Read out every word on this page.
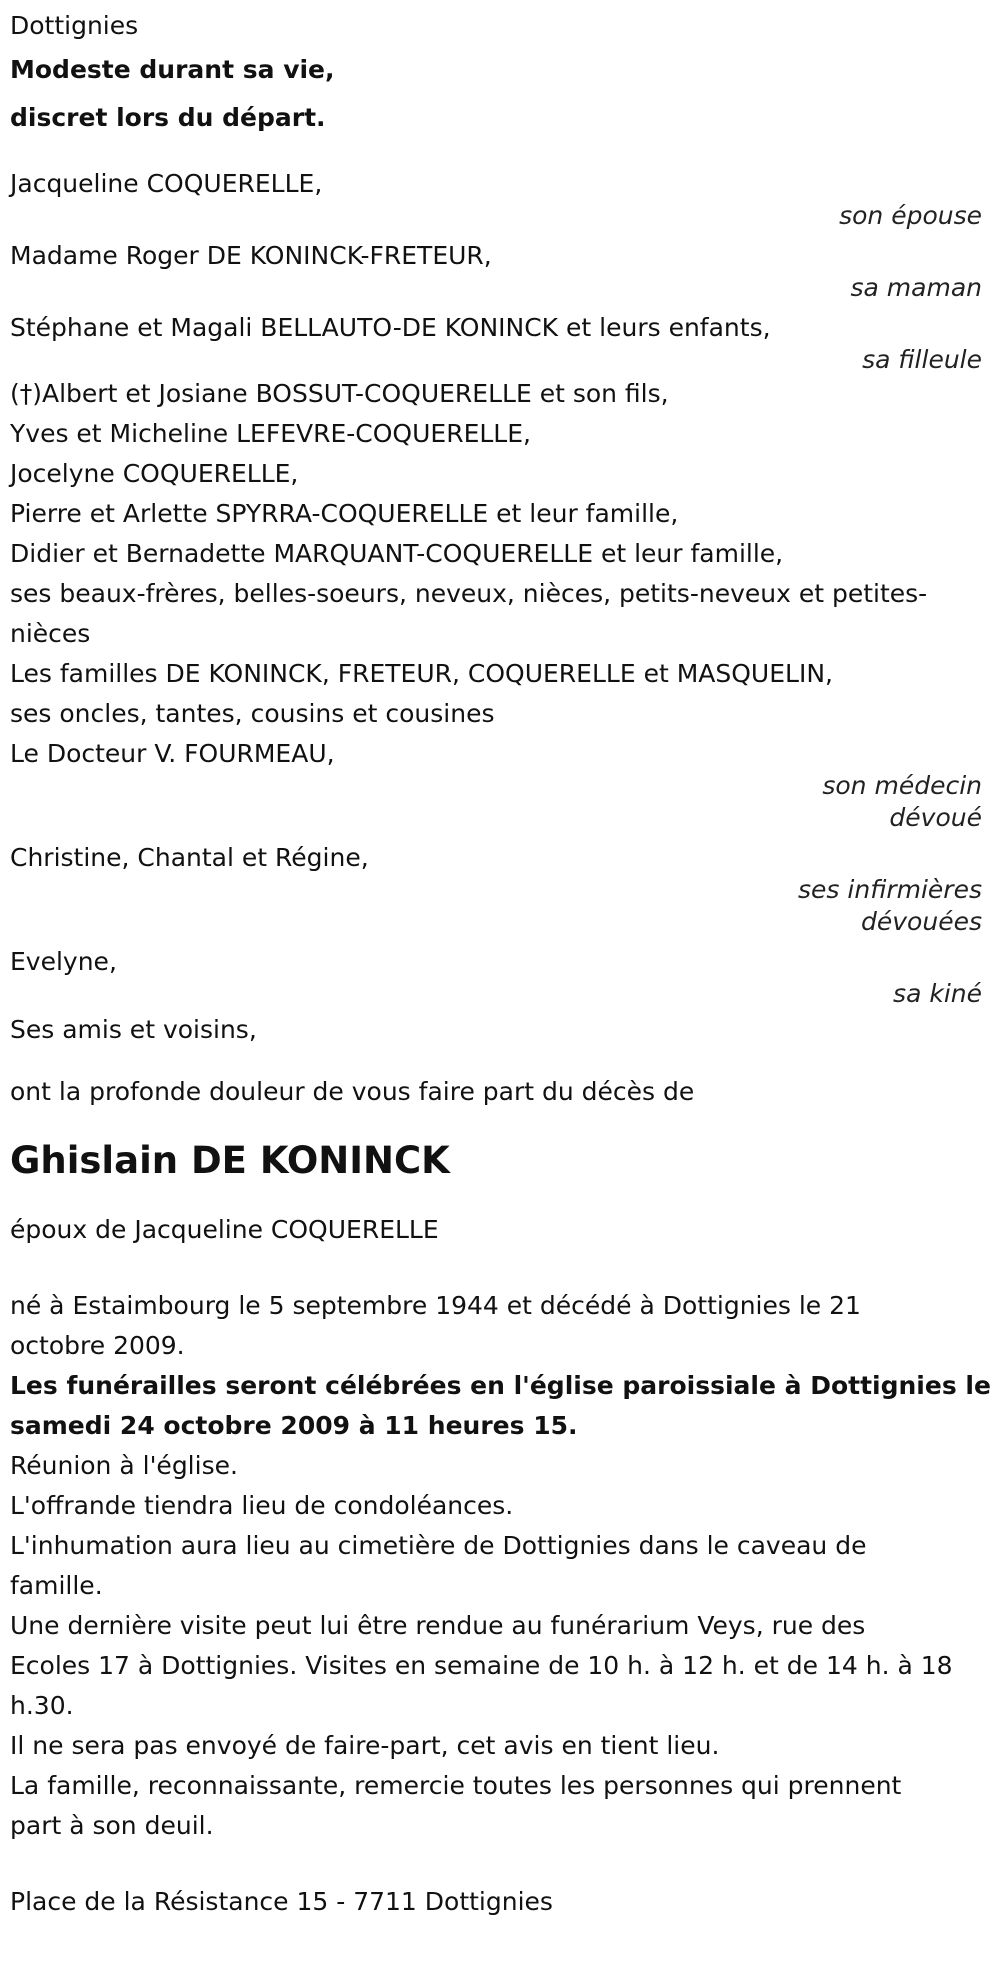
Dottignies
Modeste durant sa vie,
discret lors du départ.
Jacqueline COQUERELLE,
son épouse
Madame Roger DE KONINCK-FRETEUR,
sa maman
Stéphane et Magali BELLAUTO-DE KONINCK et leurs enfants,
sa filleule
(†)Albert et Josiane BOSSUT-COQUERELLE et son fils,
Yves et Micheline LEFEVRE-COQUERELLE,
Jocelyne COQUERELLE,
Pierre et Arlette SPYRRA-COQUERELLE et leur famille,
Didier et Bernadette MARQUANT-COQUERELLE et leur famille,
ses beaux-frères, belles-soeurs, neveux, nièces, petits-neveux et petites-
nièces
Les familles DE KONINCK, FRETEUR, COQUERELLE et MASQUELIN,
ses oncles, tantes, cousins et cousines
Le Docteur V. FOURMEAU,
son médecin
dévoué
Christine, Chantal et Régine,
ses infirmières
dévouées
Evelyne,
sa kiné
Ses amis et voisins,
ont la profonde douleur de vous faire part du décès de
Ghislain DE KONINCK
époux de Jacqueline COQUERELLE
né à Estaimbourg le 5 septembre 1944 et décédé à Dottignies le 21
octobre 2009.
Les funérailles seront célébrées en l'église paroissiale à Dottignies le
samedi 24 octobre 2009 à 11 heures 15.
Réunion à l'église.
L'offrande tiendra lieu de condoléances.
L'inhumation aura lieu au cimetière de Dottignies dans le caveau de
famille.
Une dernière visite peut lui être rendue au funérarium Veys, rue des
Ecoles 17 à Dottignies. Visites en semaine de 10 h. à 12 h. et de 14 h. à 18
h.30.
Il ne sera pas envoyé de faire-part, cet avis en tient lieu.
La famille, reconnaissante, remercie toutes les personnes qui prennent
part à son deuil.
Place de la Résistance 15 - 7711 Dottignies
